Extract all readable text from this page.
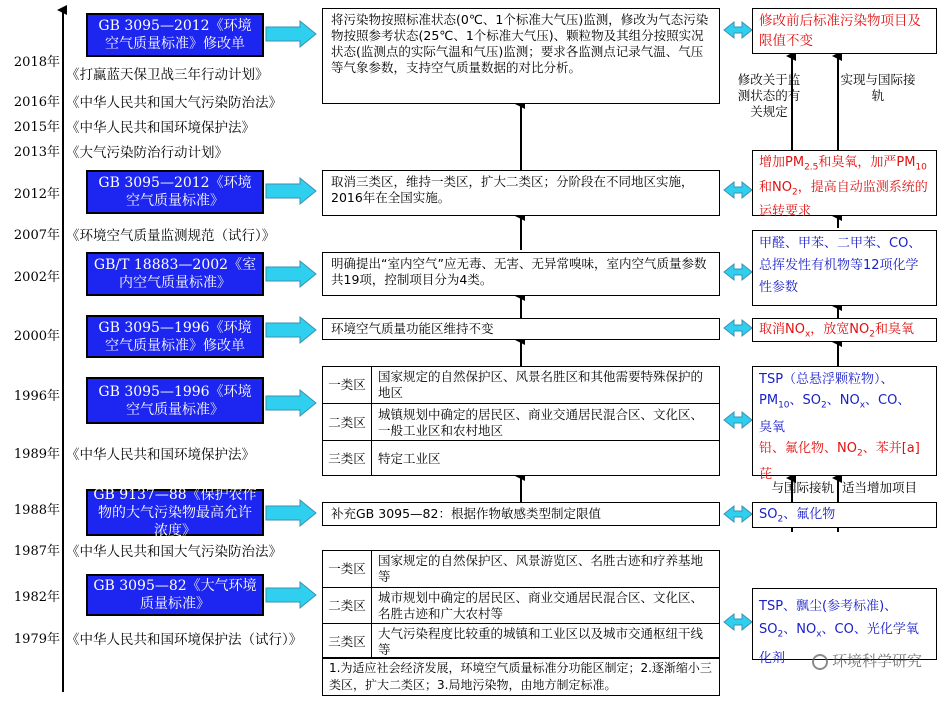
2018年
2016年
2015年
2013年
2012年
2007年
2002年
2000年
1996年
1989年
1988年
1987年
1982年
1979年
《打赢蓝天保卫战三年行动计划》
《中华人民共和国大气污染防治法》
《中华人民共和国环境保护法》
《大气污染防治行动计划》
《环境空气质量监测规范（试行）》
《中华人民共和国环境保护法》
《中华人民共和国大气污染防治法》
《中华人民共和国环境保护法（试行）》
GB 3095—2012《环境空气质量标准》修改单
GB 3095—2012《环境空气质量标准》
GB/T 18883—2002《室内空气质量标准》
GB 3095—1996《环境空气质量标准》修改单
GB 3095—1996《环境空气质量标准》
GB 9137—88《保护农作物的大气污染物最高允许浓度》
GB 3095—82《大气环境质量标准》
将污染物按照标准状态(0℃、1个标准大气压)监测，修改为气态污染物按照参考状态(25℃、1个标准大气压)、颗粒物及其组分按照实况状态(监测点的实际气温和气压)监测；要求各监测点记录气温、气压等气象参数，支持空气质量数据的对比分析。
取消三类区，维持一类区，扩大二类区；分阶段在不同地区实施，2016年在全国实施。
明确提出“室内空气”应无毒、无害、无异常嗅味，室内空气质量参数共19项，控制项目分为4类。
环境空气质量功能区维持不变
一类区
国家规定的自然保护区、风景名胜区和其他需要特殊保护的地区
二类区
城镇规划中确定的居民区、商业交通居民混合区、文化区、一般工业区和农村地区
三类区 特定工业区
补充GB 3095—82：根据作物敏感类型制定限值
一类区
国家规定的自然保护区、风景游览区、名胜古迹和疗养基地等
二类区
城市规划中确定的居民区、商业交通居民混合区、文化区、名胜古迹和广大农村等
三类区
大气污染程度比较重的城镇和工业区以及城市交通枢纽干线等
1.为适应社会经济发展，环境空气质量标准分功能区制定；2.逐渐缩小三类区，扩大二类区；3.局地污染物，由地方制定标准。
修改前后标准污染物项目及限值不变
增加$PM_{2.5}$和臭氧，加严$PM_{10}$和$NO_2$，提高自动监测系统的运转要求
甲醛、甲苯、二甲苯、CO、总挥发性有机物等12项化学性参数
取消$NO_x$，放宽$NO_2$和臭氧
TSP（总悬浮颗粒物）、
$PM_{10}$、$SO_2$、$NO_x$、CO、
臭氧
铅、氟化物、$NO_2$、苯并[a]芘
$SO_2$、氟化物
TSP、飘尘(参考标准)、
$SO_2$、$NO_x$、CO、光化学氧化剂
修改关于监测状态的有关规定
实现与国际接轨
与国际接轨 适当增加项目
环境科学研究
